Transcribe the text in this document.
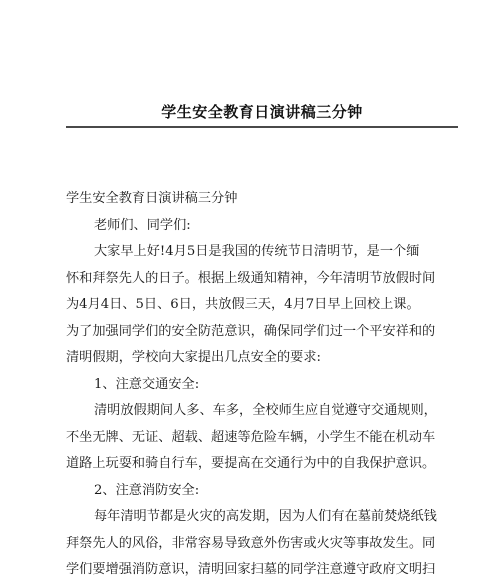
学生安全教育日演讲稿三分钟
学生安全教育日演讲稿三分钟
老师们、同学们:
大家早上好!4月5日是我国的传统节日清明节，是一个缅
怀和拜祭先人的日子。根据上级通知精神，今年清明节放假时间
为4月4日、5日、6日，共放假三天，4月7日早上回校上课。
为了加强同学们的安全防范意识，确保同学们过一个平安祥和的
清明假期，学校向大家提出几点安全的要求:
1、注意交通安全:
清明放假期间人多、车多，全校师生应自觉遵守交通规则，
不坐无牌、无证、超载、超速等危险车辆，小学生不能在机动车
道路上玩耍和骑自行车，要提高在交通行为中的自我保护意识。
2、注意消防安全:
每年清明节都是火灾的高发期，因为人们有在墓前焚烧纸钱
拜祭先人的风俗，非常容易导致意外伤害或火灾等事故发生。同
学们要增强消防意识，清明回家扫墓的同学注意遵守政府文明扫
